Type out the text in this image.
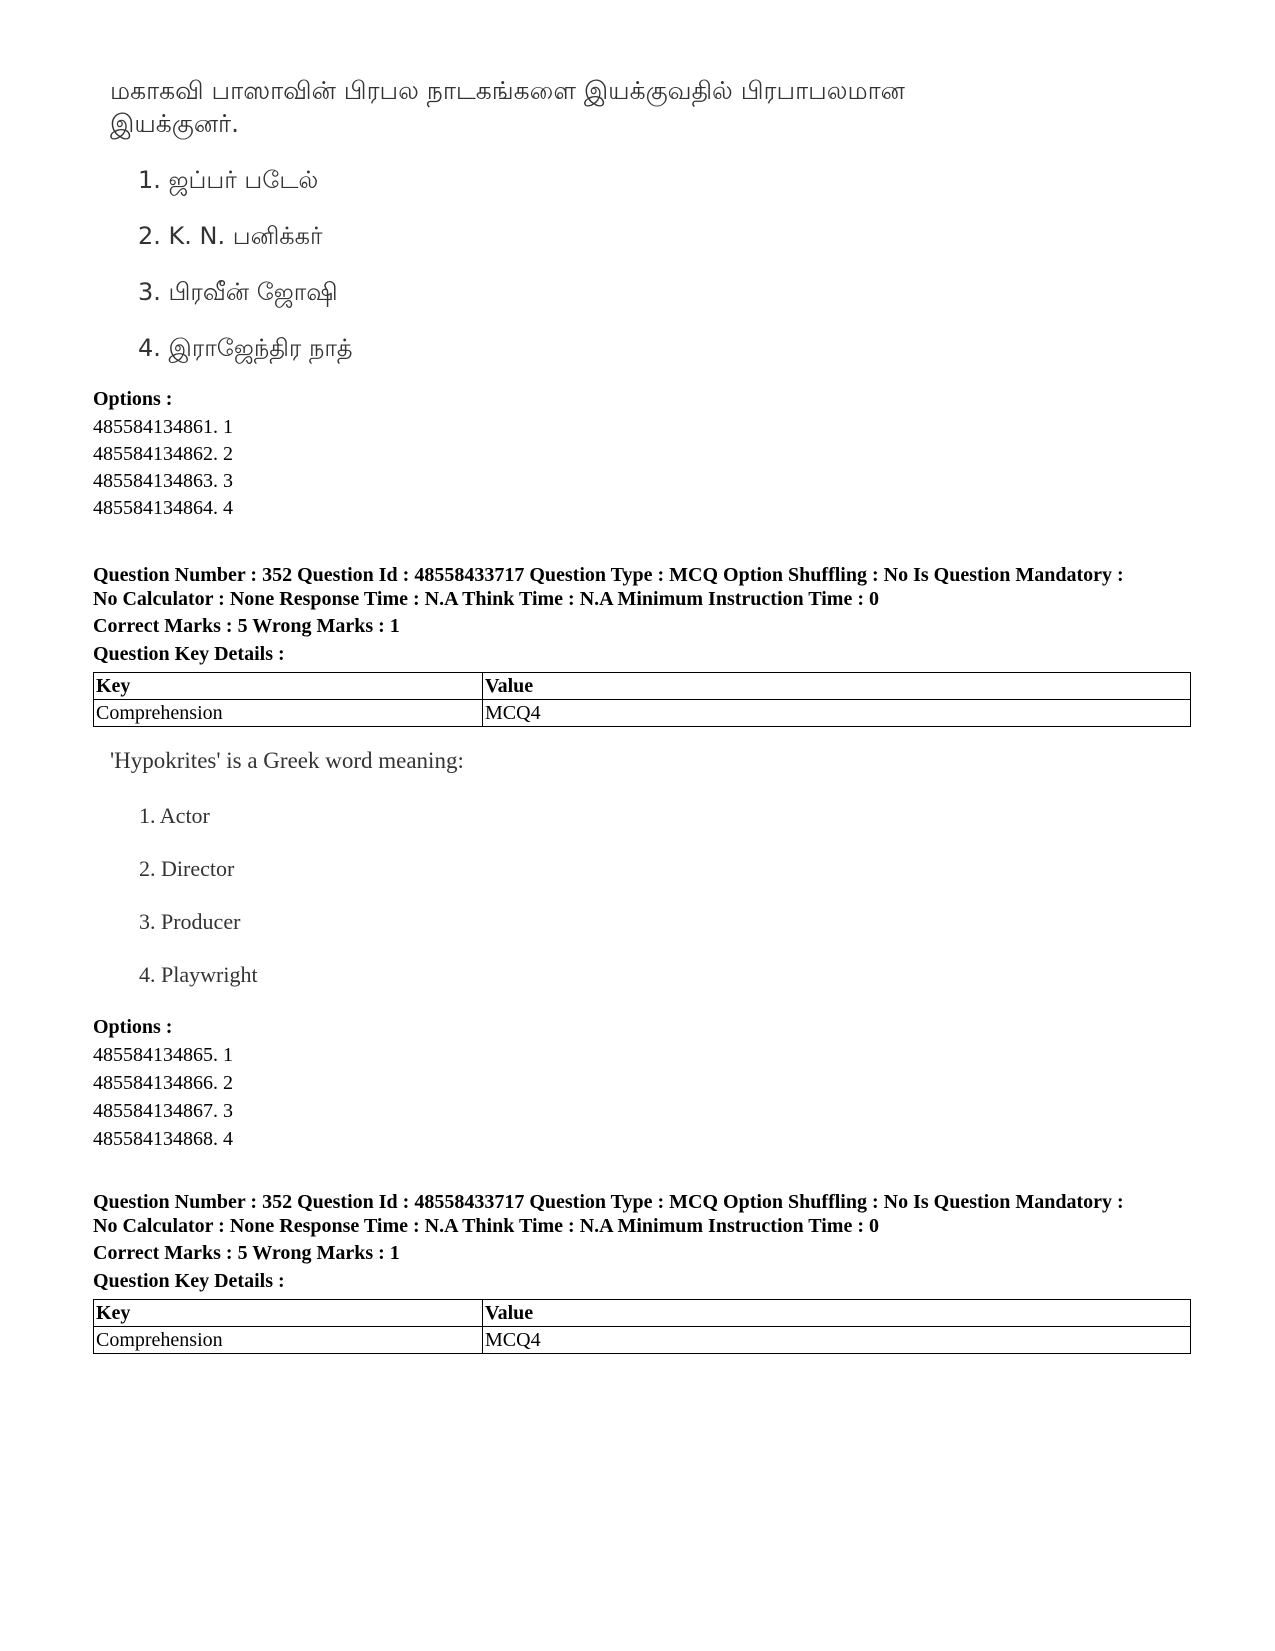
மகாகவி பாஸாவின் பிரபல நாடகங்களை இயக்குவதில் பிரபாபலமான இயக்குனர்.

1. ஜப்பர் படேல்
2. K. N. பனிக்கர்
3. பிரவீன் ஜோஷி
4. இராஜேந்திர நாத்
Options :
485584134861. 1
485584134862. 2
485584134863. 3
485584134864. 4
Question Number : 352 Question Id : 48558433717 Question Type : MCQ Option Shuffling : No Is Question Mandatory :
No Calculator : None Response Time : N.A Think Time : N.A Minimum Instruction Time : 0
Correct Marks : 5 Wrong Marks : 1
Question Key Details :
Key	Value
Comprehension	MCQ4
'Hypokrites' is a Greek word meaning:
1. Actor
2. Director
3. Producer
4. Playwright
Options :
485584134865. 1
485584134866. 2
485584134867. 3
485584134868. 4
Question Number : 352 Question Id : 48558433717 Question Type : MCQ Option Shuffling : No Is Question Mandatory :
No Calculator : None Response Time : N.A Think Time : N.A Minimum Instruction Time : 0
Correct Marks : 5 Wrong Marks : 1
Question Key Details :
Key	Value
Comprehension	MCQ4
